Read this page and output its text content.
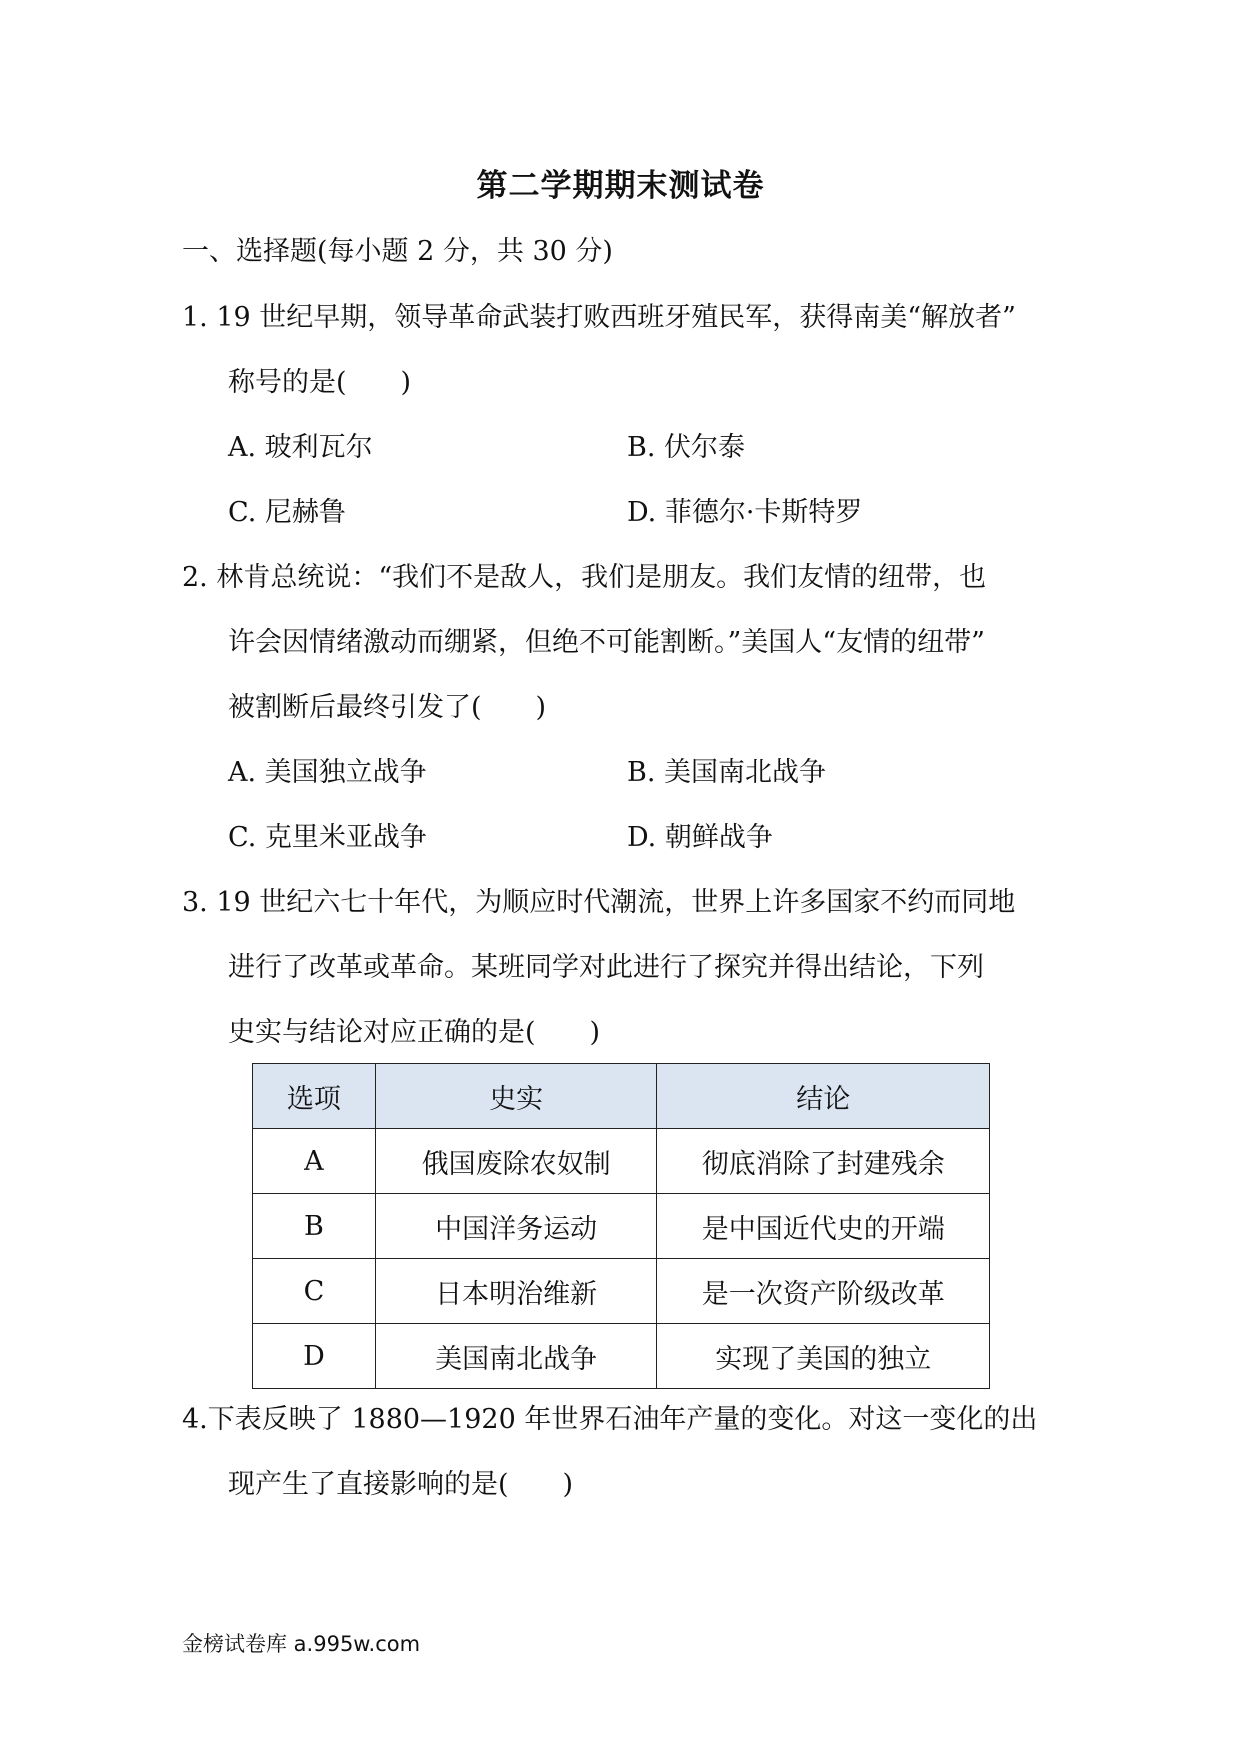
第二学期期末测试卷
一、选择题(每小题 2 分，共 30 分)
1. 19 世纪早期，领导革命武装打败西班牙殖民军，获得南美“解放者”
称号的是(　　)
A. 玻利瓦尔	B. 伏尔泰
C. 尼赫鲁	D. 菲德尔·卡斯特罗
2. 林肯总统说：“我们不是敌人，我们是朋友。我们友情的纽带，也
许会因情绪激动而绷紧，但绝不可能割断。”美国人“友情的纽带”
被割断后最终引发了(　　)
A. 美国独立战争	B. 美国南北战争
C. 克里米亚战争	D. 朝鲜战争
3. 19 世纪六七十年代，为顺应时代潮流，世界上许多国家不约而同地
进行了改革或革命。某班同学对此进行了探究并得出结论，下列
史实与结论对应正确的是(　　)
选项	史实	结论
A	俄国废除农奴制	彻底消除了封建残余
B	中国洋务运动	是中国近代史的开端
C	日本明治维新	是一次资产阶级改革
D	美国南北战争	实现了美国的独立
4.下表反映了 1880—1920 年世界石油年产量的变化。对这一变化的出
现产生了直接影响的是(　　)
金榜试卷库 a.995w.com
